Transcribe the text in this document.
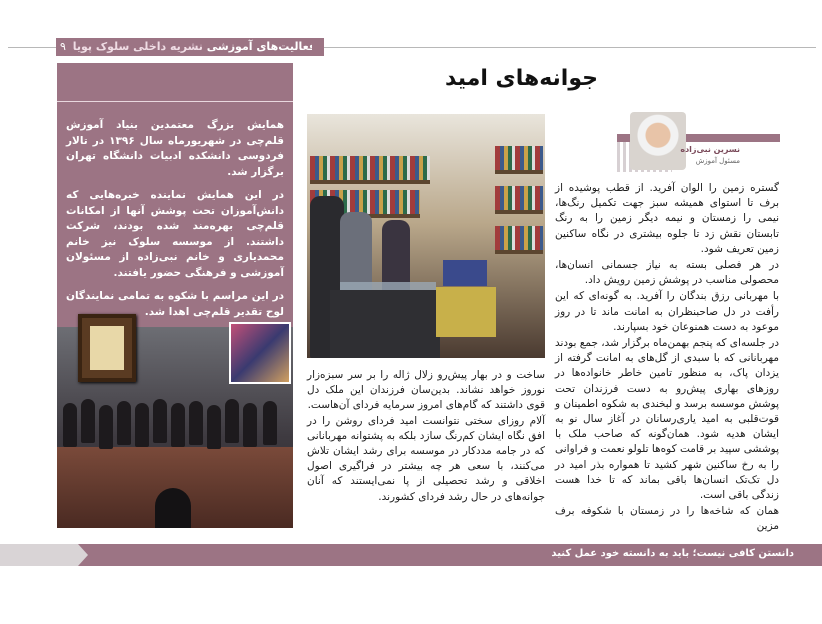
۹	فعالیت‌های آموزشی نشریه داخلی سلوک پویا
دستاوردهایمان با قلم‌چی

همایش بزرگ معتمدین بنیاد آموزش قلم‌چی در شهریورماه سال ۱۳۹۶ در تالار فردوسی دانشکده ادبیات دانشگاه تهران برگزار شد.

در این همایش نماینده خبره‌هایی که دانش‌آموزان تحت پوشش آنها از امکانات قلم‌چی بهره‌مند شده بودند، شرکت داشتند. از موسسه سلوک نیز خانم محمدیاری و خانم نبی‌زاده از مسئولان آموزشی و فرهنگی حضور یافتند.

در این مراسم با شکوه به تمامی نمایندگان لوح تقدیر قلم‌چی اهدا شد.

جوانه‌های امید
نسرین نبی‌زاده
مسئول آموزش

گستره زمین را الوان آفرید. از قطب پوشیده از برف تا استوای همیشه سبز جهت تکمیل رنگ‌ها، نیمی را زمستان و نیمه دیگر زمین را به رنگ تابستان نقش زد تا جلوه بیشتری در نگاه ساکنین زمین تعریف شود.

در هر فصلی بسته به نیاز جسمانی انسان‌ها، محصولی مناسب در پوشش زمین رویش داد.

با مهربانی رزق بندگان را آفرید. به گونه‌ای که این رأفت در دل صاحبنظران به امانت ماند تا در روز موعود به دست همنوعان خود بسپارند.

در جلسه‌ای که پنجم بهمن‌ماه برگزار شد، جمع بودند مهربانانی که با سبدی از گل‌های به امانت گرفته از یزدان پاک، به منظور تامین خاطر خانواده‌ها در روزهای بهاری پیش‌رو به دست فرزندان تحت پوشش موسسه برسد و لبخندی به شکوه اطمینان و قوت‌قلبی به امید یاری‌رسانان در آغاز سال نو به ایشان هدیه شود. همان‌گونه که صاحب ملک با پوششی سپید بر قامت کوه‌ها تلولو نعمت و فراوانی را به رخ ساکنین شهر کشید تا همواره بذر امید در دل تک‌تک انسان‌ها باقی بماند که تا خدا هست زندگی باقی است.

همان که شاخه‌ها را در زمستان با شکوفه برف مزین

ساخت و در بهار پیش‌رو زلال ژاله را بر سر سبزه‌زار نوروز خواهد نشاند. بدین‌سان فرزندان این ملک دل قوی داشتند که گام‌های امروز سرمایه فردای آن‌هاست.

آلام روزای سختی نتوانست امید فردای روشن را در افق نگاه ایشان کم‌رنگ سازد بلکه به پشتوانه مهربانانی که در جامه مددکار در موسسه برای رشد ایشان تلاش می‌کنند، با سعی هر چه بیشتر در فراگیری اصول اخلاقی و رشد تحصیلی از پا نمی‌ایستند که آنان جوانه‌های در حال رشد فردای کشورند.

دانستن کافی نیست؛ باید به دانسته خود عمل کنید
